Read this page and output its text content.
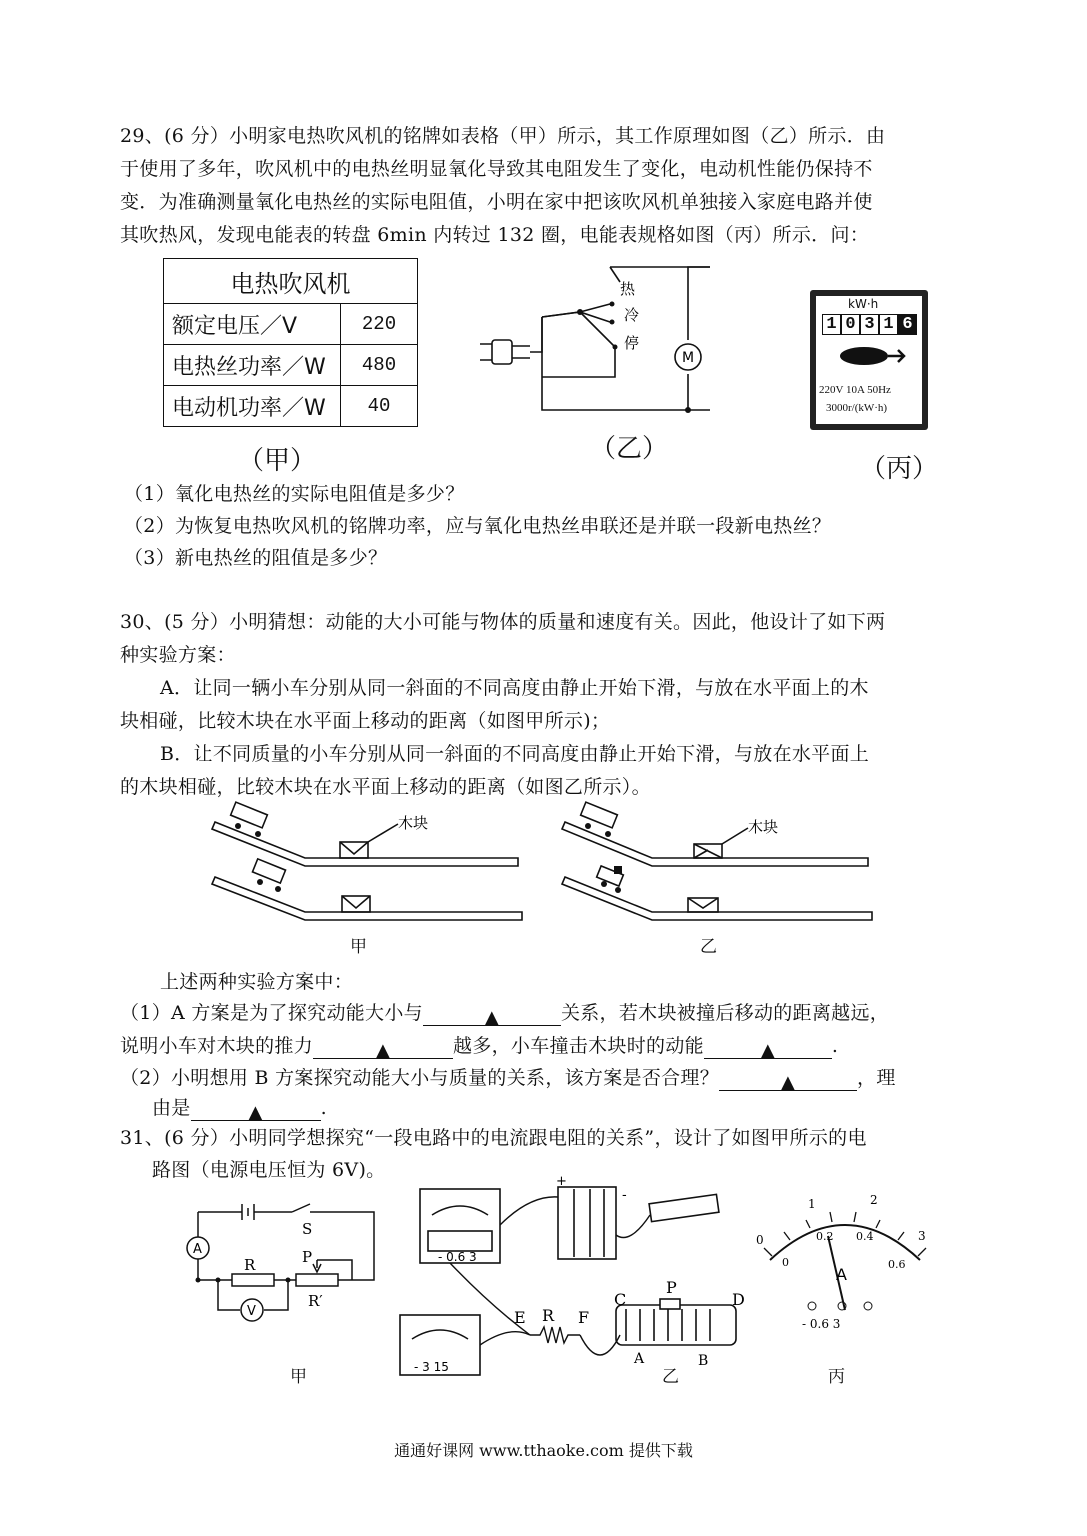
29、(6 分）小明家电热吹风机的铭牌如表格（甲）所示，其工作原理如图（乙）所示．由
于使用了多年，吹风机中的电热丝明显氧化导致其电阻发生了变化，电动机性能仍保持不
变．为准确测量氧化电热丝的实际电阻值，小明在家中把该吹风机单独接入家庭电路并使
其吹热风，发现电能表的转盘 6min 内转过 132 圈，电能表规格如图（丙）所示．问：
电热吹风机	
额定电压／V	220
电热丝功率／W	480
电动机功率／W	40
（甲）
M
热
冷
停
（乙）
kW·h
1 0 3 1 6
220V 10A 50Hz
3000r/(kW·h)
（丙）
（1）氧化电热丝的实际电阻值是多少？
（2）为恢复电热吹风机的铭牌功率，应与氧化电热丝串联还是并联一段新电热丝？
（3）新电热丝的阻值是多少？
30、(5 分）小明猜想：动能的大小可能与物体的质量和速度有关。因此，他设计了如下两
种实验方案：
A．让同一辆小车分别从同一斜面的不同高度由静止开始下滑，与放在水平面上的木
块相碰，比较木块在水平面上移动的距离（如图甲所示)；
B．让不同质量的小车分别从同一斜面的不同高度由静止开始下滑，与放在水平面上
的木块相碰，比较木块在水平面上移动的距离（如图乙所示）。
木块
甲
木块
乙
上述两种实验方案中：
（1）A 方案是为了探究动能大小与	▲	关系，若木块被撞后移动的距离越远，
说明小车对木块的推力	▲	越多，小车撞击木块时的动能	▲	.
（2）小明想用 B 方案探究动能大小与质量的关系，该方案是否合理？	▲	，理
由是	▲	.
31、(6 分）小明同学想探究“一段电路中的电流跟电阻的关系”，设计了如图甲所示的电
路图（电源电压恒为 6V)。
A
V
S
R	P
R′
甲
- 0.6 3
- 3 15
+
-
E R F
C
P
D
A	B
乙
0
1	2
3
0
0.2 0.4
0.6
A
- 0.6 3
丙
通通好课网 www.tthaoke.com 提供下载
